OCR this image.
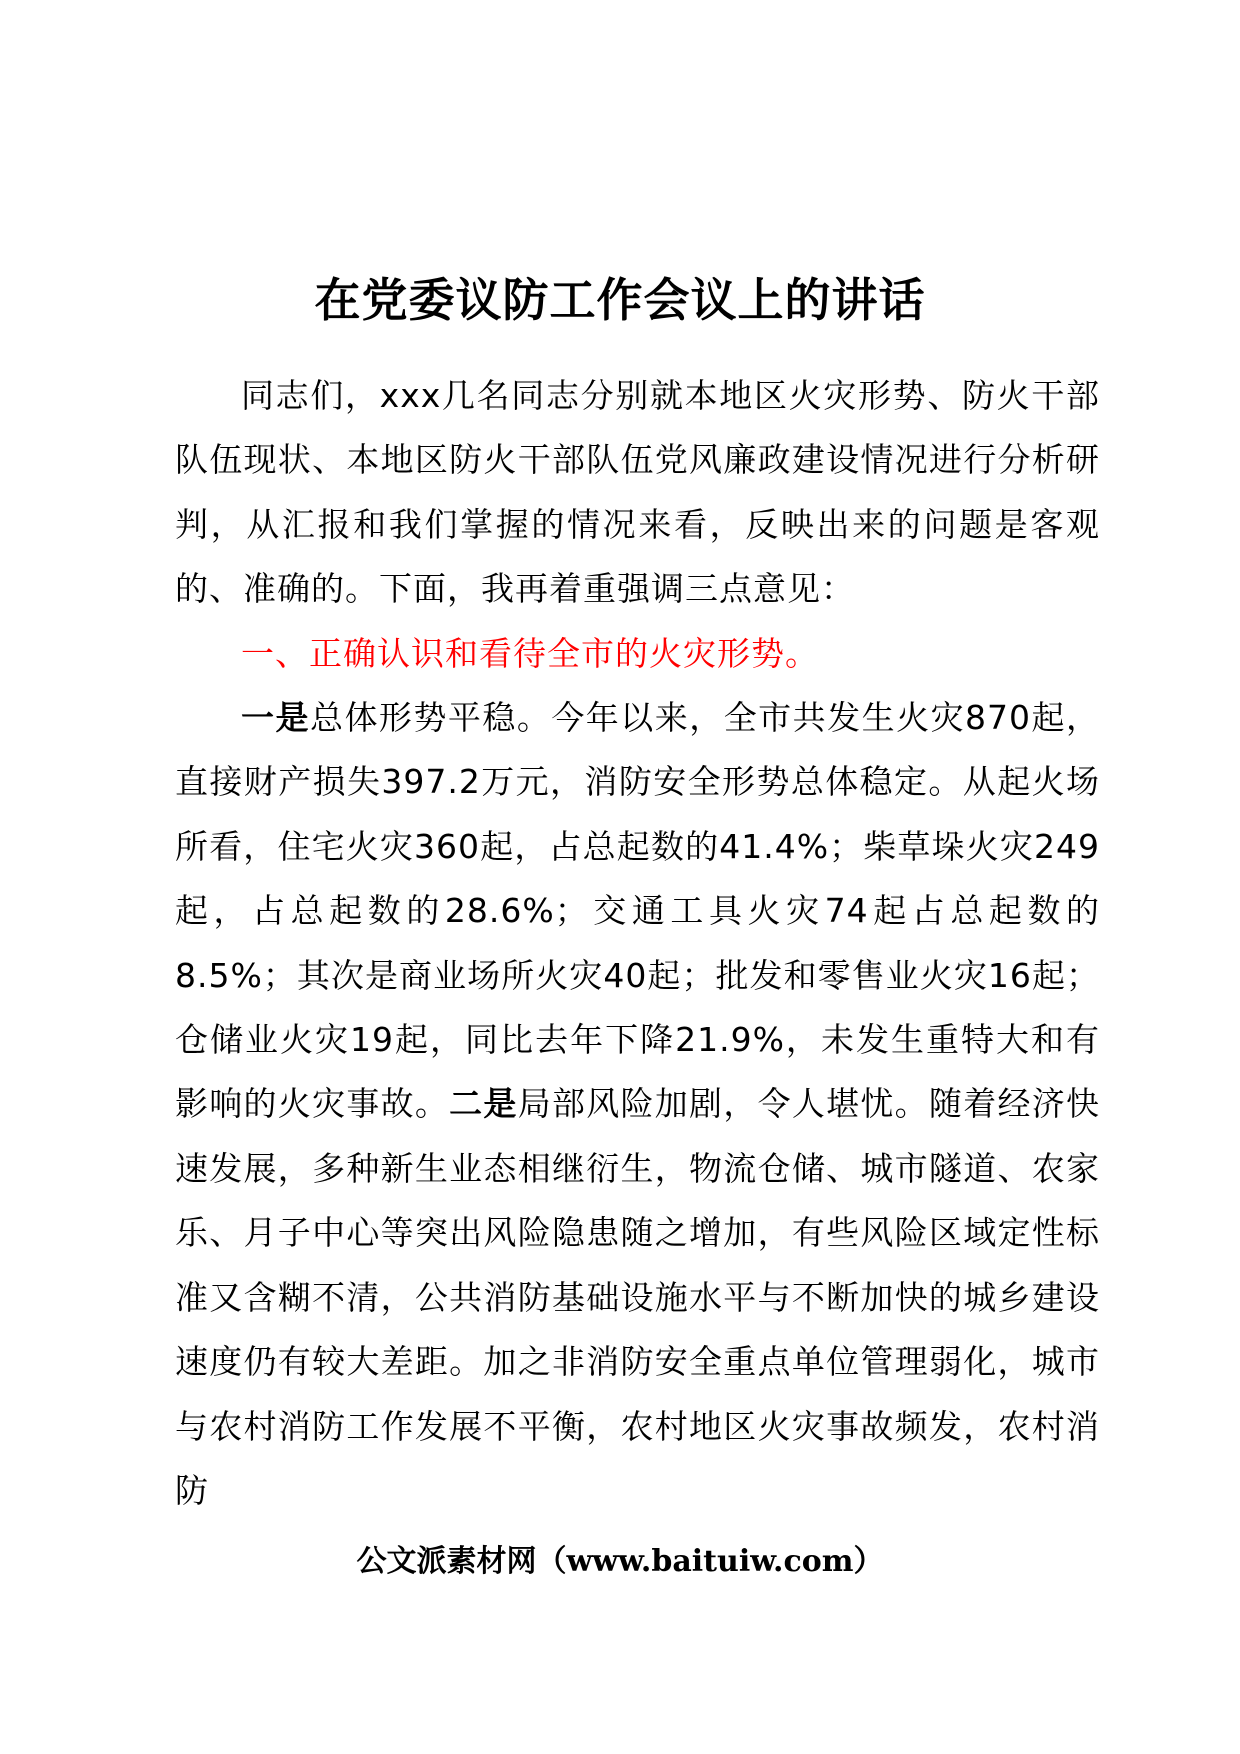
在党委议防工作会议上的讲话

同志们，xxx几名同志分别就本地区火灾形势、防火干部队伍现状、本地区防火干部队伍党风廉政建设情况进行分析研判，从汇报和我们掌握的情况来看，反映出来的问题是客观的、准确的。下面，我再着重强调三点意见：

一、正确认识和看待全市的火灾形势。

一是总体形势平稳。今年以来，全市共发生火灾870起，直接财产损失397.2万元，消防安全形势总体稳定。从起火场所看，住宅火灾360起，占总起数的41.4%；柴草垛火灾249起，占总起数的28.6%；交通工具火灾74起占总起数的8.5%；其次是商业场所火灾40起；批发和零售业火灾16起；仓储业火灾19起，同比去年下降21.9%，未发生重特大和有影响的火灾事故。二是局部风险加剧，令人堪忧。随着经济快速发展，多种新生业态相继衍生，物流仓储、城市隧道、农家乐、月子中心等突出风险隐患随之增加，有些风险区域定性标准又含糊不清，公共消防基础设施水平与不断加快的城乡建设速度仍有较大差距。加之非消防安全重点单位管理弱化，城市与农村消防工作发展不平衡，农村地区火灾事故频发，农村消防

公文派素材网（www.baituiw.com）
